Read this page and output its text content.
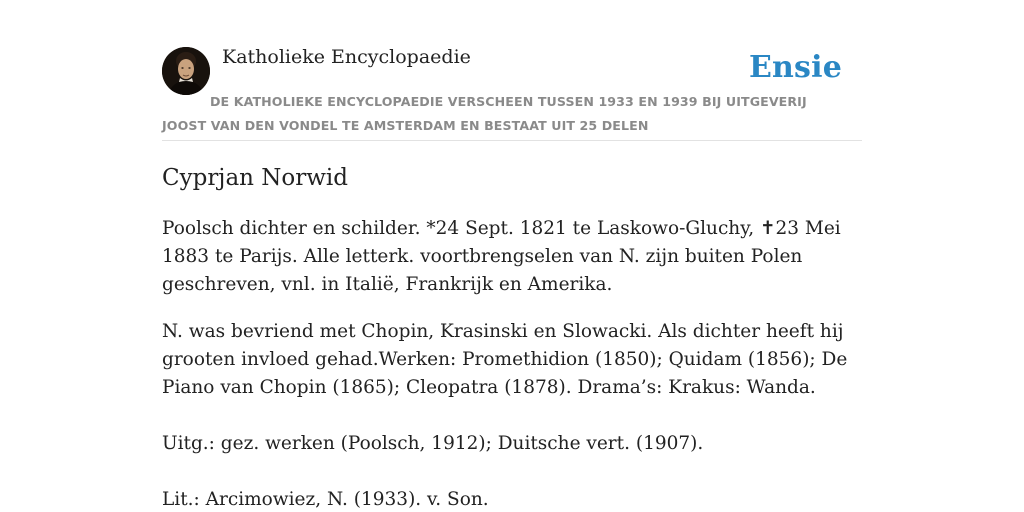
Katholieke Encyclopaedie	Ensie
DE KATHOLIEKE ENCYCLOPAEDIE VERSCHEEN TUSSEN 1933 EN 1939 BIJ UITGEVERIJ JOOST VAN DEN VONDEL TE AMSTERDAM EN BESTAAT UIT 25 DELEN
Cyprjan Norwid

Poolsch dichter en schilder. *24 Sept. 1821 te Laskowo-Gluchy, ✝23 Mei 1883 te Parijs. Alle letterk. voortbrengselen van N. zijn buiten Polen geschreven, vnl. in Italië, Frankrijk en Amerika.

N. was bevriend met Chopin, Krasinski en Slowacki. Als dichter heeft hij grooten invloed gehad.Werken: Promethidion (1850); Quidam (1856); De Piano van Chopin (1865); Cleopatra (1878). Drama’s: Krakus: Wanda.

Uitg.: gez. werken (Poolsch, 1912); Duitsche vert. (1907).

Lit.: Arcimowiez, N. (1933). v. Son.
